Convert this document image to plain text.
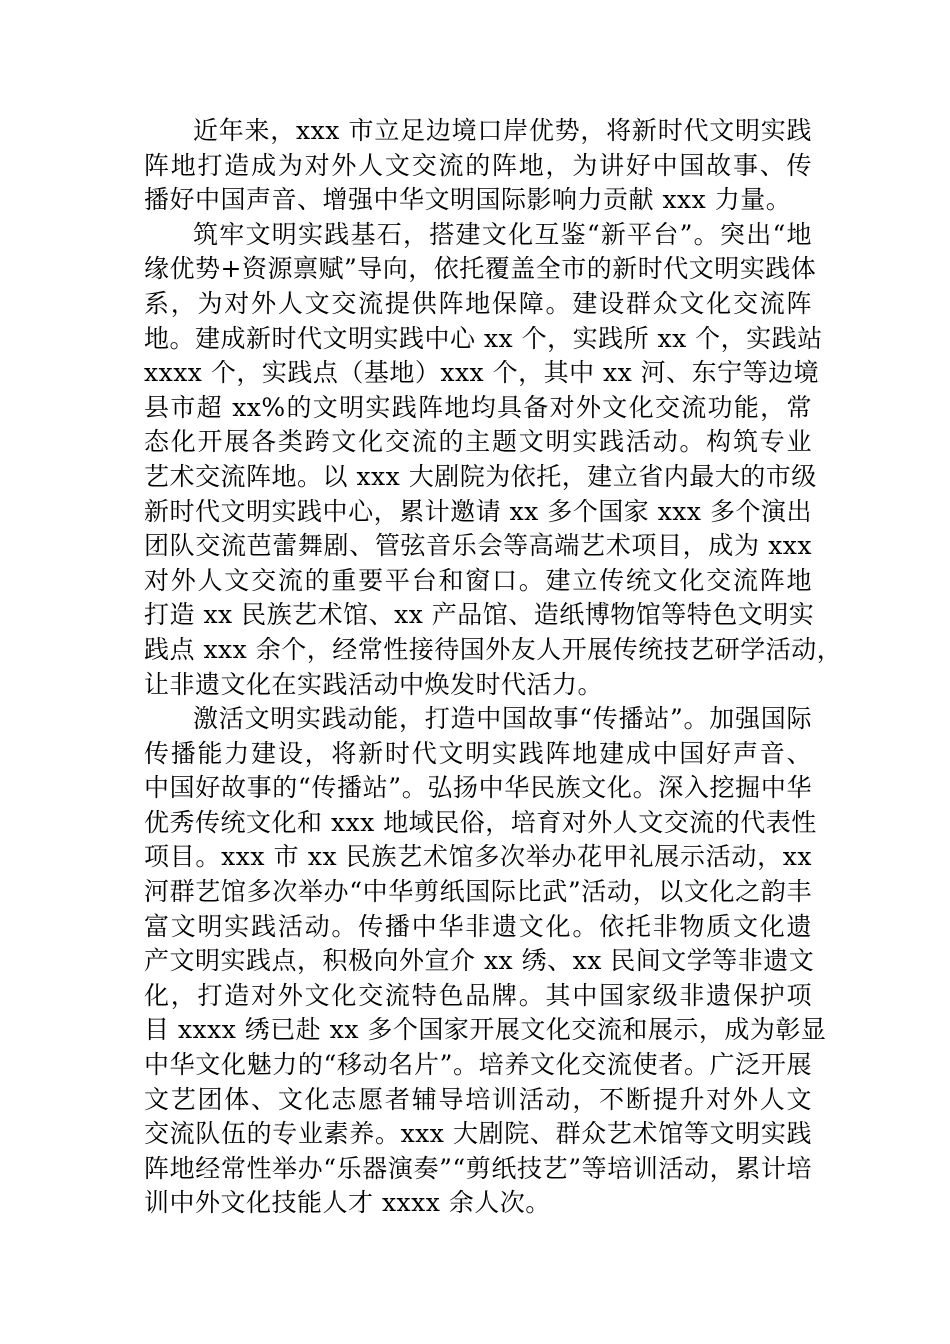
近年来，xxx 市立足边境口岸优势，将新时代文明实践
阵地打造成为对外人文交流的阵地，为讲好中国故事、传
播好中国声音、增强中华文明国际影响力贡献 xxx 力量。
筑牢文明实践基石，搭建文化互鉴“新平台”。突出“地
缘优势+资源禀赋”导向，依托覆盖全市的新时代文明实践体
系，为对外人文交流提供阵地保障。建设群众文化交流阵
地。建成新时代文明实践中心 xx 个，实践所 xx 个，实践站
xxxx 个，实践点（基地）xxx 个，其中 xx 河、东宁等边境
县市超 xx%的文明实践阵地均具备对外文化交流功能，常
态化开展各类跨文化交流的主题文明实践活动。构筑专业
艺术交流阵地。以 xxx 大剧院为依托，建立省内最大的市级
新时代文明实践中心，累计邀请 xx 多个国家 xxx 多个演出
团队交流芭蕾舞剧、管弦音乐会等高端艺术项目，成为 xxx
对外人文交流的重要平台和窗口。建立传统文化交流阵地
打造 xx 民族艺术馆、xx 产品馆、造纸博物馆等特色文明实
践点 xxx 余个，经常性接待国外友人开展传统技艺研学活动，
让非遗文化在实践活动中焕发时代活力。
激活文明实践动能，打造中国故事“传播站”。加强国际
传播能力建设，将新时代文明实践阵地建成中国好声音、
中国好故事的“传播站”。弘扬中华民族文化。深入挖掘中华
优秀传统文化和 xxx 地域民俗，培育对外人文交流的代表性
项目。xxx 市 xx 民族艺术馆多次举办花甲礼展示活动，xx
河群艺馆多次举办“中华剪纸国际比武”活动，以文化之韵丰
富文明实践活动。传播中华非遗文化。依托非物质文化遗
产文明实践点，积极向外宣介 xx 绣、xx 民间文学等非遗文
化，打造对外文化交流特色品牌。其中国家级非遗保护项
目 xxxx 绣已赴 xx 多个国家开展文化交流和展示，成为彰显
中华文化魅力的“移动名片”。培养文化交流使者。广泛开展
文艺团体、文化志愿者辅导培训活动，不断提升对外人文
交流队伍的专业素养。xxx 大剧院、群众艺术馆等文明实践
阵地经常性举办“乐器演奏”“剪纸技艺”等培训活动，累计培
训中外文化技能人才 xxxx 余人次。
